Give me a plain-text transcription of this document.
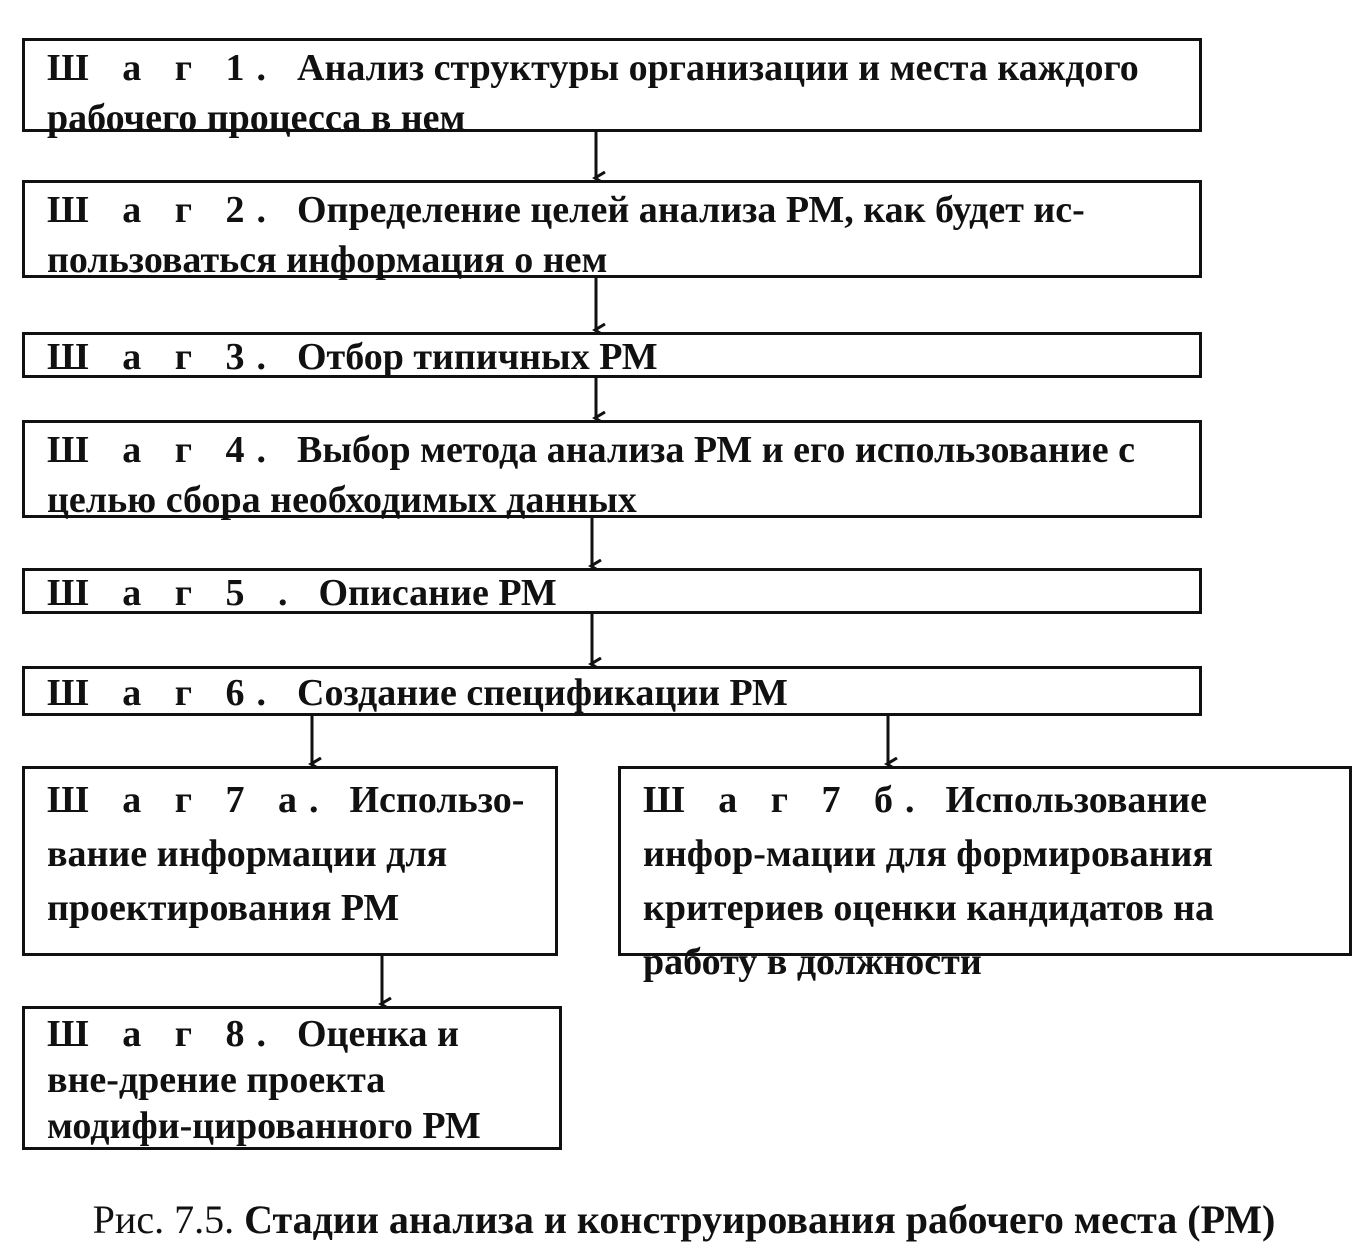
Ш а г 1. Анализ структуры организации и места каждого рабочего процесса в нем
Ш а г 2. Определение целей анализа РМ, как будет ис-пользоваться информация о нем
Ш а г 3. Отбор типичных РМ
Ш а г 4. Выбор метода анализа РМ и его использование с целью сбора необходимых данных
Ш а г 5 . Описание РМ
Ш а г 6. Создание спецификации РМ
Ш а г 7 а. Использо-вание информации для проектирования РМ
Ш а г 7 б. Использование инфор-мации для формирования критериев оценки кандидатов на работу в должности
Ш а г 8. Оценка и вне-дрение проекта модифи-цированного РМ
Рис. 7.5. Стадии анализа и конструирования рабочего места (РМ)
